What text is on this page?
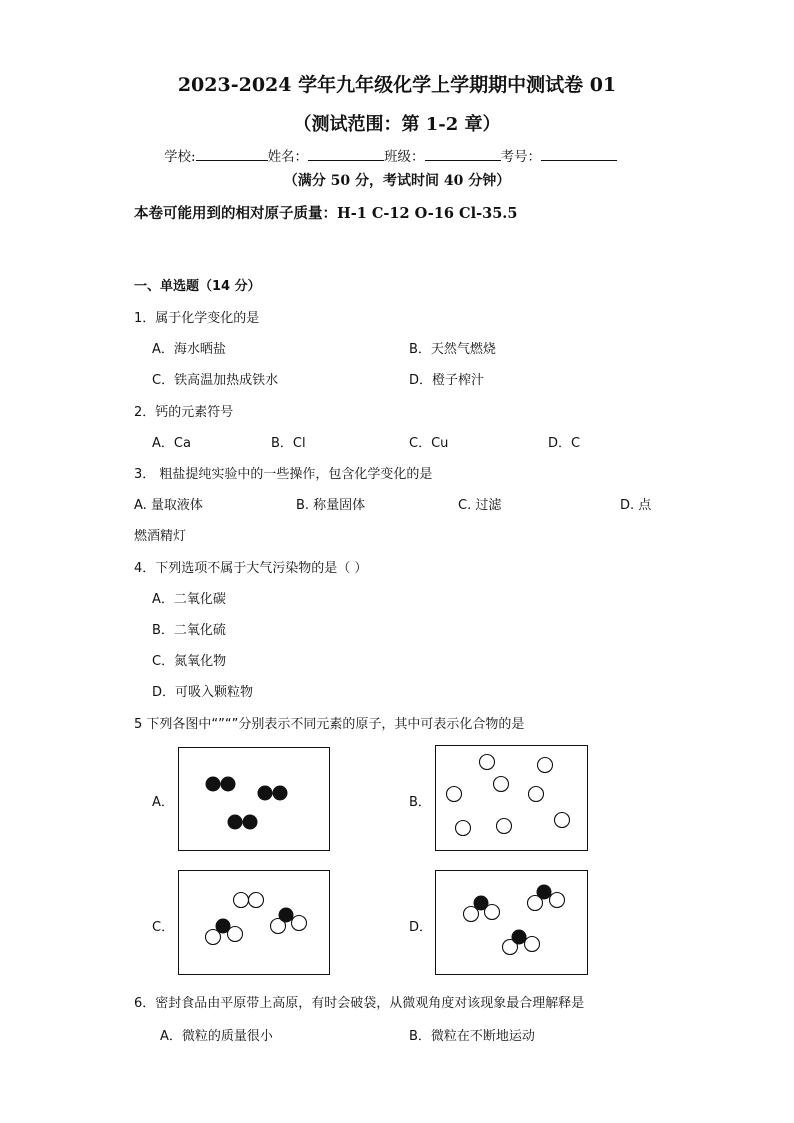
2023-2024 学年九年级化学上学期期中测试卷 01
（测试范围：第 1-2 章）
学校:	姓名：	班级：	考号：
（满分 50 分，考试时间 40 分钟）
本卷可能用到的相对原子质量：H-1 C-12 O-16 Cl-35.5
一、单选题（14 分）
1．属于化学变化的是
A．海水晒盐	B．天然气燃烧
C．铁高温加热成铁水	D．橙子榨汁
2．钙的元素符号
A．Ca	B．Cl	C．Cu	D．C
3． 粗盐提纯实验中的一些操作，包含化学变化的是
A. 量取液体	B. 称量固体	C. 过滤	D. 点
燃酒精灯
4．下列选项不属于大气污染物的是（ ）
A．二氧化碳
B．二氧化硫
C．氮氧化物
D．可吸入颗粒物
5 下列各图中“”“”分别表示不同元素的原子，其中可表示化合物的是
A．	B．
C．	D．
6．密封食品由平原带上高原，有时会破袋，从微观角度对该现象最合理解释是
A．微粒的质量很小	B．微粒在不断地运动
